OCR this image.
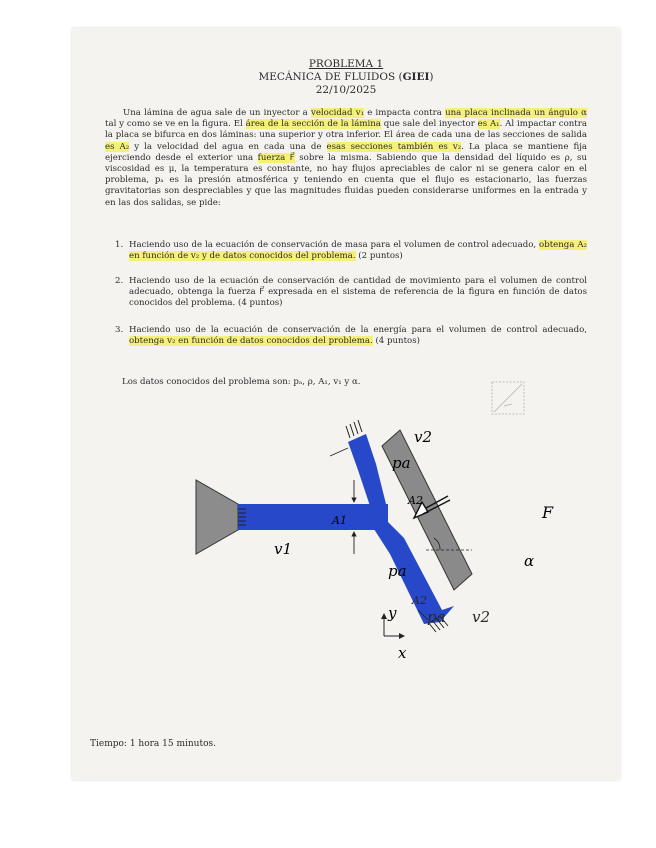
PROBLEMA 1
MECÁNICA DE FLUIDOS (GIEI)
22/10/2025
Una lámina de agua sale de un inyector a velocidad v₁ e impacta contra una placa inclinada un ángulo α tal y como se ve en la figura. El área de la sección de la lámina que sale del inyector es A₁. Al impactar contra la placa se bifurca en dos láminas: una superior y otra inferior. El área de cada una de las secciones de salida es A₂ y la velocidad del agua en cada una de esas secciones también es v₂. La placa se mantiene fija ejerciendo desde el exterior una fuerza F⃗ sobre la misma. Sabiendo que la densidad del líquido es ρ, su viscosidad es μ, la temperatura es constante, no hay flujos apreciables de calor ni se genera calor en el problema, pₐ es la presión atmosférica y teniendo en cuenta que el flujo es estacionario, las fuerzas gravitatorias son despreciables y que las magnitudes fluidas pueden considerarse uniformes en la entrada y en las dos salidas, se pide:
1. Haciendo uso de la ecuación de conservación de masa para el volumen de control adecuado, obtenga A₂ en función de v₂ y de datos conocidos del problema. (2 puntos)
2. Haciendo uso de la ecuación de conservación de cantidad de movimiento para el volumen de control adecuado, obtenga la fuerza F⃗ expresada en el sistema de referencia de la figura en función de datos conocidos del problema. (4 puntos)
3. Haciendo uso de la ecuación de conservación de la energía para el volumen de control adecuado, obtenga v₂ en función de datos conocidos del problema. (4 puntos)
Los datos conocidos del problema son: pₐ, ρ, A₁, v₁ y α.
v2
pa
A2
A1
v1
pa
F
α
y
x
A2
pa v2
Tiempo: 1 hora 15 minutos.
